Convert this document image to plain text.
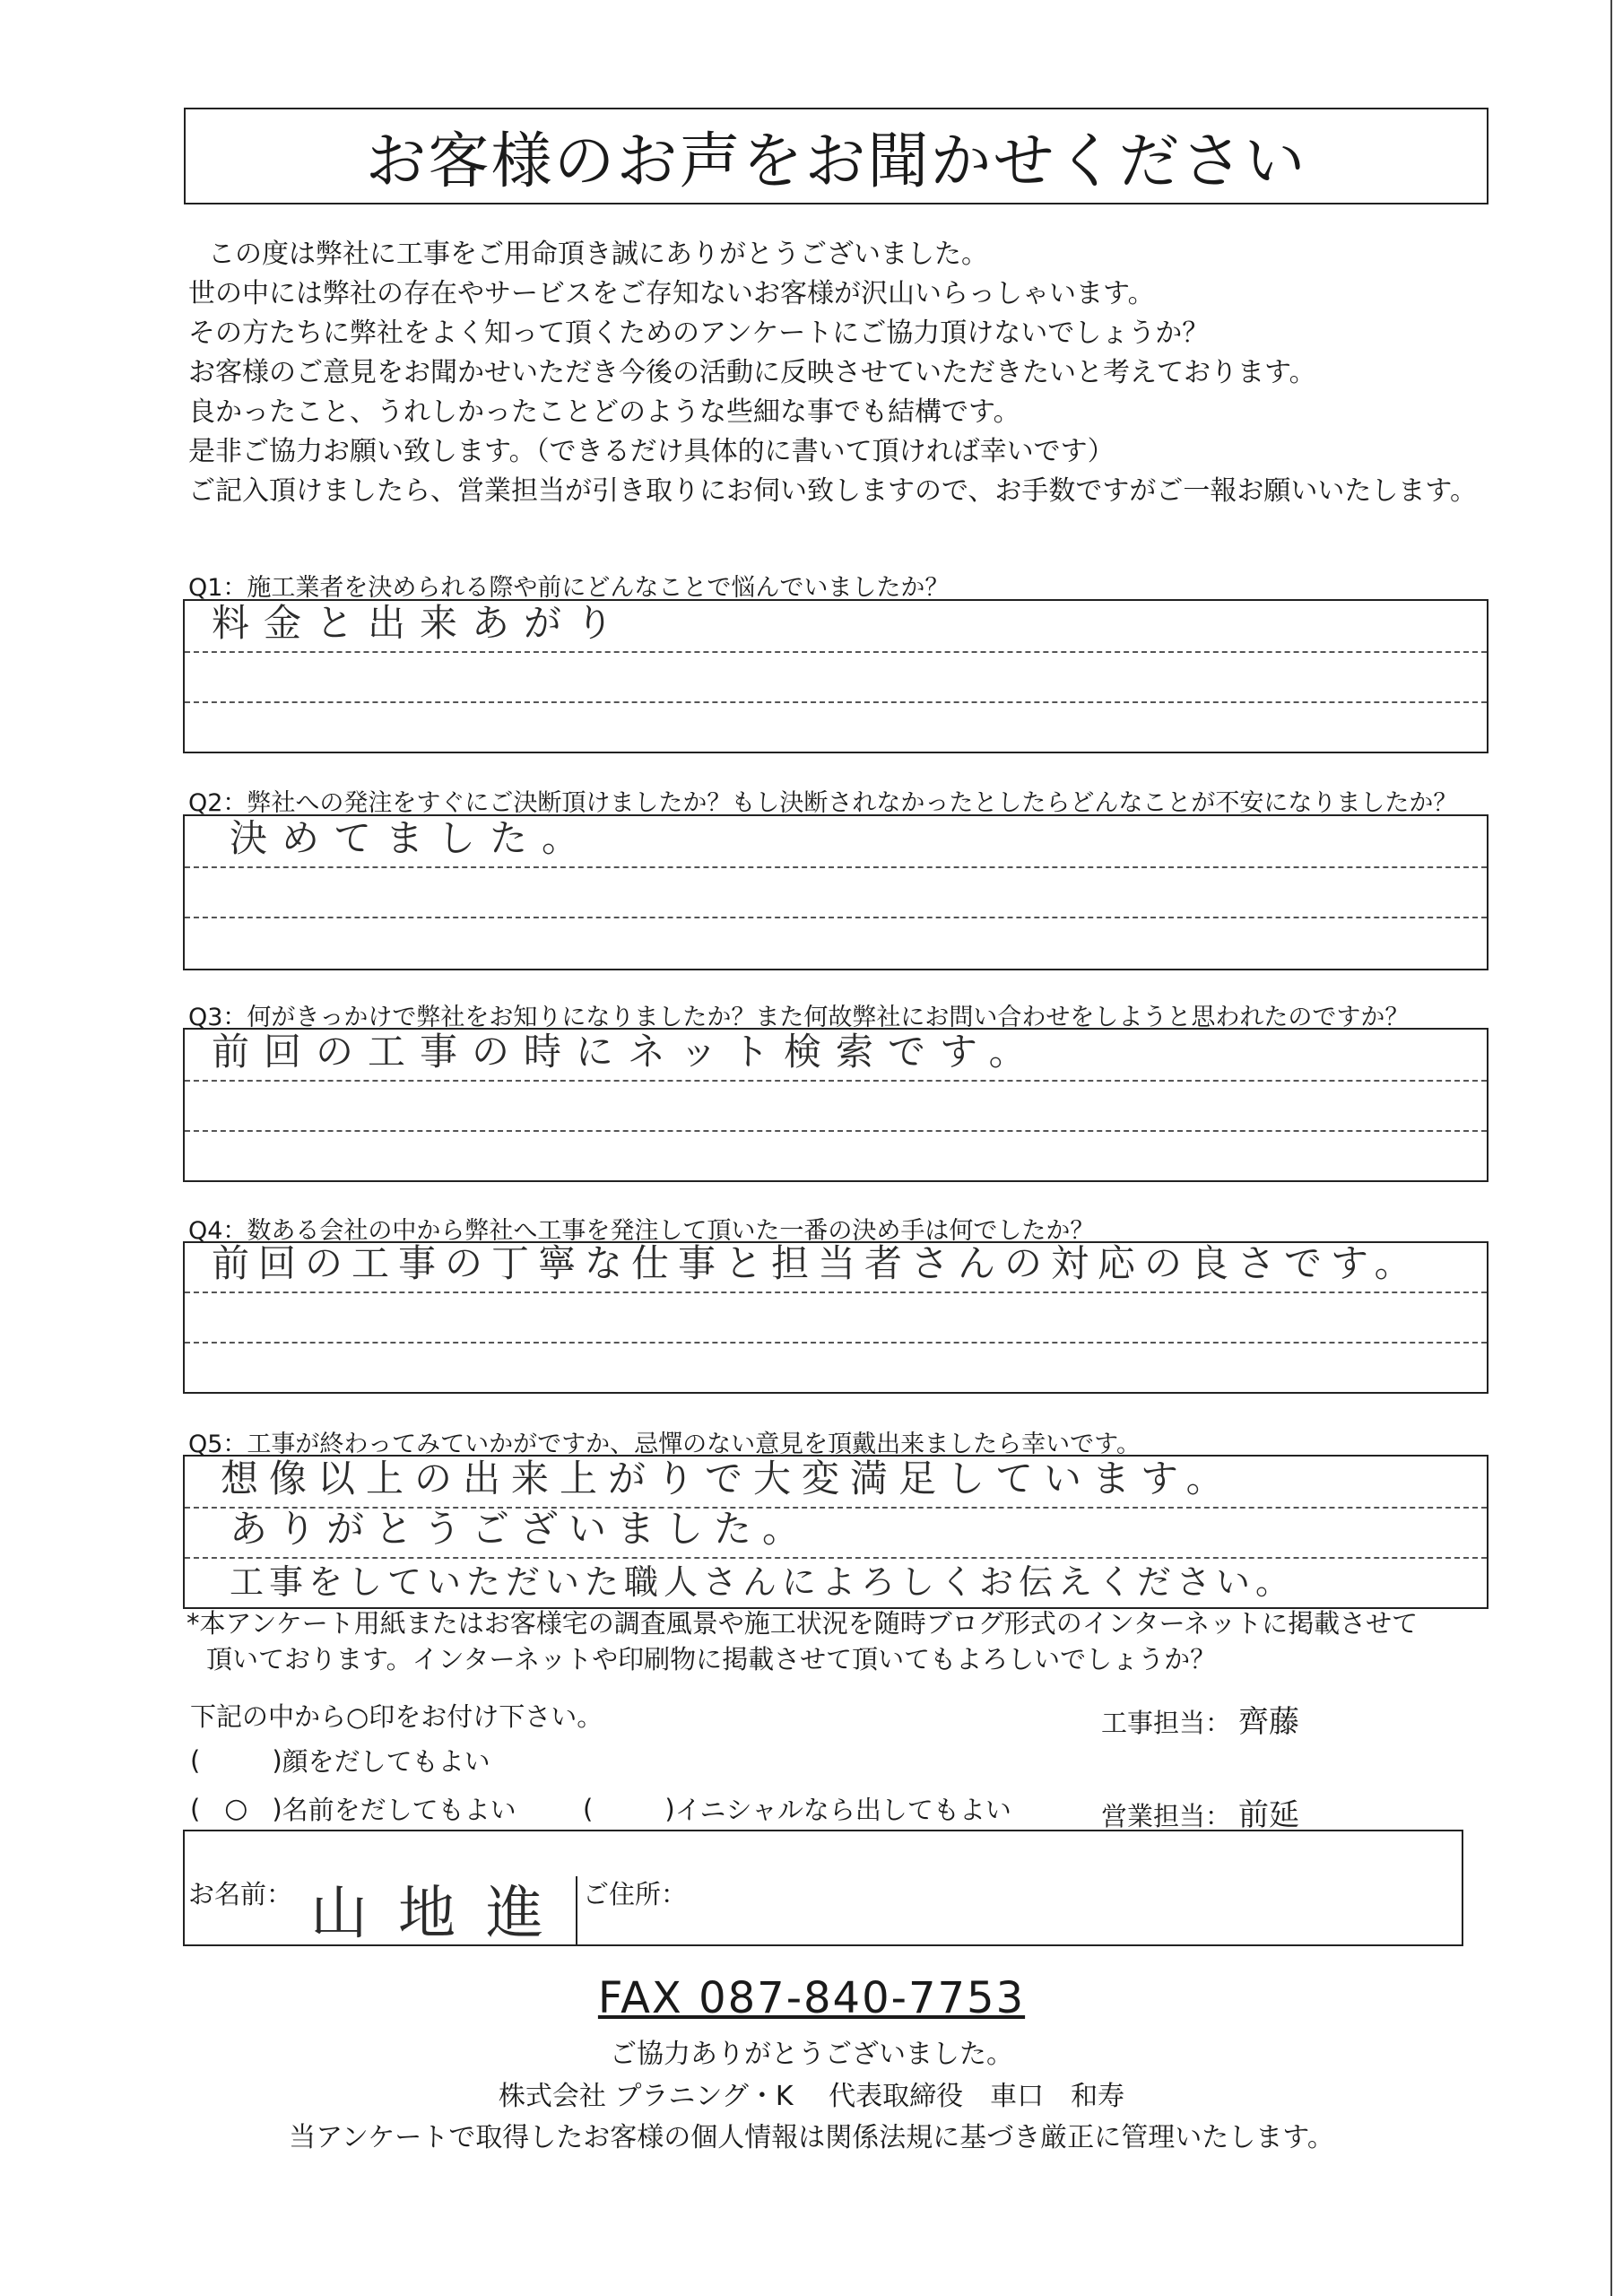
お客様のお声をお聞かせください

この度は弊社に工事をご用命頂き誠にありがとうございました。

世の中には弊社の存在やサービスをご存知ないお客様が沢山いらっしゃいます。

その方たちに弊社をよく知って頂くためのアンケートにご協力頂けないでしょうか？

お客様のご意見をお聞かせいただき今後の活動に反映させていただきたいと考えております。

良かったこと、うれしかったことどのような些細な事でも結構です。

是非ご協力お願い致します。（できるだけ具体的に書いて頂ければ幸いです）

ご記入頂けましたら、営業担当が引き取りにお伺い致しますので、お手数ですがご一報お願いいたします。

Q1：施工業者を決められる際や前にどんなことで悩んでいましたか？
料金と出来あがり
Q2：弊社への発注をすぐにご決断頂けましたか？もし決断されなかったとしたらどんなことが不安になりましたか？
決めてました。
Q3：何がきっかけで弊社をお知りになりましたか？また何故弊社にお問い合わせをしようと思われたのですか？
前回の工事の時にネット検索です。
Q4：数ある会社の中から弊社へ工事を発注して頂いた一番の決め手は何でしたか？
前回の工事の丁寧な仕事と担当者さんの対応の良さです。
Q5：工事が終わってみていかがですか、忌憚のない意見を頂戴出来ましたら幸いです。
想像以上の出来上がりで大変満足しています。
ありがとうございました。
工事をしていただいた職人さんによろしくお伝えください。

*本アンケート用紙またはお客様宅の調査風景や施工状況を随時ブログ形式のインターネットに掲載させて

頂いております。インターネットや印刷物に掲載させて頂いてもよろしいでしょうか？

下記の中から○印をお付け下さい。
(	) 顔をだしてもよい
( ○ ) 名前をだしてもよい	(	) イニシャルなら出してもよい
工事担当： 齊藤
営業担当： 前延
お名前： 山地進 ご住所：
FAX 087-840-7753
ご協力ありがとうございました。
株式会社 プラニング・K　 代表取締役　車口　和寿
当アンケートで取得したお客様の個人情報は関係法規に基づき厳正に管理いたします。
